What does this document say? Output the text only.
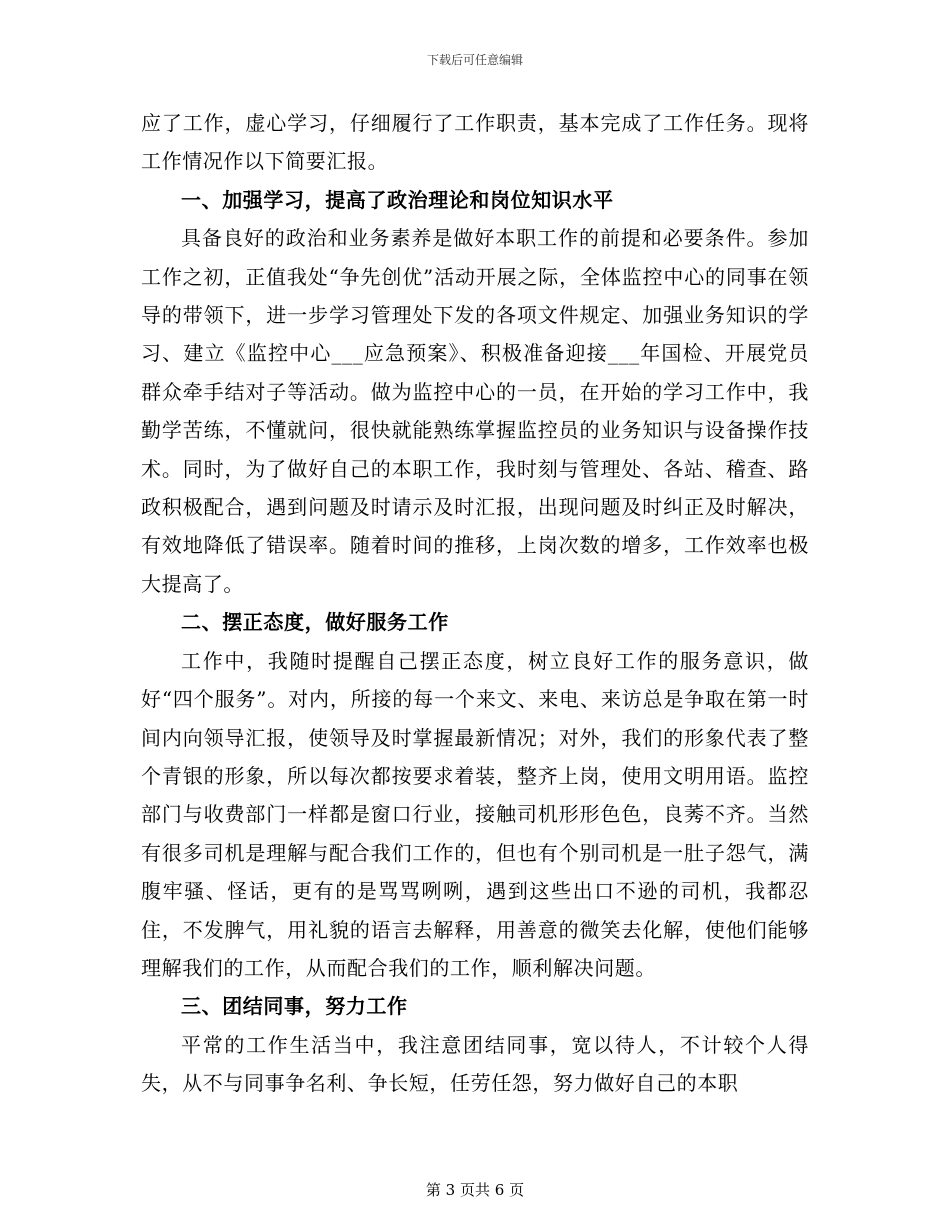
下载后可任意编辑

应了工作，虚心学习，仔细履行了工作职责，基本完成了工作任务。现将工作情况作以下简要汇报。

一、加强学习，提高了政治理论和岗位知识水平

具备良好的政治和业务素养是做好本职工作的前提和必要条件。参加工作之初，正值我处“争先创优”活动开展之际，全体监控中心的同事在领导的带领下，进一步学习管理处下发的各项文件规定、加强业务知识的学习、建立《监控中心___应急预案》、积极准备迎接___年国检、开展党员群众牵手结对子等活动。做为监控中心的一员，在开始的学习工作中，我勤学苦练，不懂就问，很快就能熟练掌握监控员的业务知识与设备操作技术。同时，为了做好自己的本职工作，我时刻与管理处、各站、稽查、路政积极配合，遇到问题及时请示及时汇报，出现问题及时纠正及时解决，有效地降低了错误率。随着时间的推移，上岗次数的增多，工作效率也极大提高了。

二、摆正态度，做好服务工作

工作中，我随时提醒自己摆正态度，树立良好工作的服务意识，做好“四个服务”。对内，所接的每一个来文、来电、来访总是争取在第一时间内向领导汇报，使领导及时掌握最新情况；对外，我们的形象代表了整个青银的形象，所以每次都按要求着装，整齐上岗，使用文明用语。监控部门与收费部门一样都是窗口行业，接触司机形形色色，良莠不齐。当然有很多司机是理解与配合我们工作的，但也有个别司机是一肚子怨气，满腹牢骚、怪话，更有的是骂骂咧咧，遇到这些出口不逊的司机，我都忍住，不发脾气，用礼貌的语言去解释，用善意的微笑去化解，使他们能够理解我们的工作，从而配合我们的工作，顺利解决问题。

三、团结同事，努力工作

平常的工作生活当中，我注意团结同事，宽以待人，不计较个人得失，从不与同事争名利、争长短，任劳任怨，努力做好自己的本职

第 3 页共 6 页
